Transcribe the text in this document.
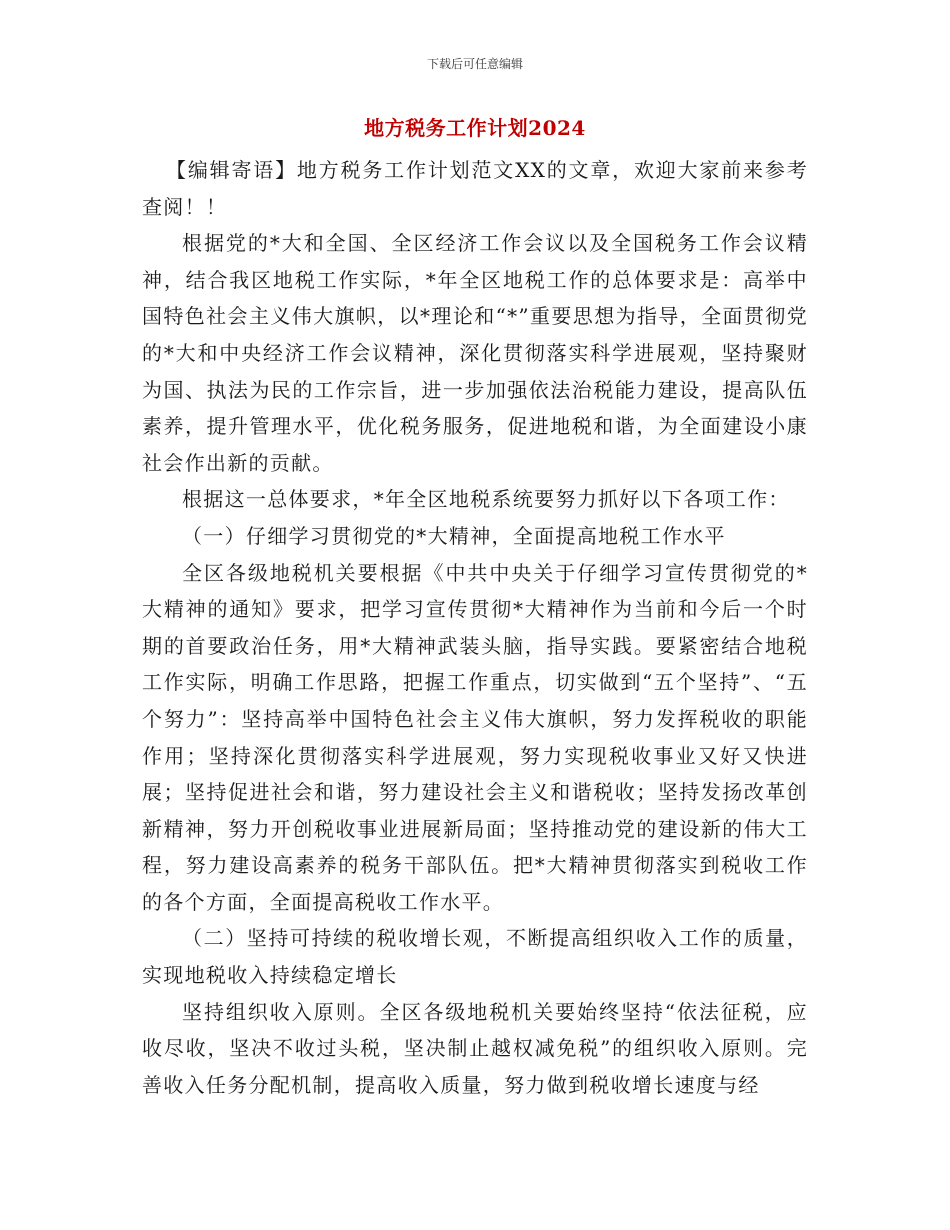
下载后可任意编辑
地方税务工作计划2024

【编辑寄语】地方税务工作计划范文XX的文章，欢迎大家前来参考查阅！！

根据党的*大和全国、全区经济工作会议以及全国税务工作会议精神，结合我区地税工作实际，*年全区地税工作的总体要求是：高举中国特色社会主义伟大旗帜，以*理论和“*”重要思想为指导，全面贯彻党的*大和中央经济工作会议精神，深化贯彻落实科学进展观，坚持聚财为国、执法为民的工作宗旨，进一步加强依法治税能力建设，提高队伍素养，提升管理水平，优化税务服务，促进地税和谐，为全面建设小康社会作出新的贡献。

根据这一总体要求，*年全区地税系统要努力抓好以下各项工作：

（一）仔细学习贯彻党的*大精神，全面提高地税工作水平

全区各级地税机关要根据《中共中央关于仔细学习宣传贯彻党的*大精神的通知》要求，把学习宣传贯彻*大精神作为当前和今后一个时期的首要政治任务，用*大精神武装头脑，指导实践。要紧密结合地税工作实际，明确工作思路，把握工作重点，切实做到“五个坚持”、“五个努力”：坚持高举中国特色社会主义伟大旗帜，努力发挥税收的职能作用；坚持深化贯彻落实科学进展观，努力实现税收事业又好又快进展；坚持促进社会和谐，努力建设社会主义和谐税收；坚持发扬改革创新精神，努力开创税收事业进展新局面；坚持推动党的建设新的伟大工程，努力建设高素养的税务干部队伍。把*大精神贯彻落实到税收工作的各个方面，全面提高税收工作水平。

（二）坚持可持续的税收增长观，不断提高组织收入工作的质量，实现地税收入持续稳定增长

坚持组织收入原则。全区各级地税机关要始终坚持“依法征税，应收尽收，坚决不收过头税，坚决制止越权减免税”的组织收入原则。完善收入任务分配机制，提高收入质量，努力做到税收增长速度与经
